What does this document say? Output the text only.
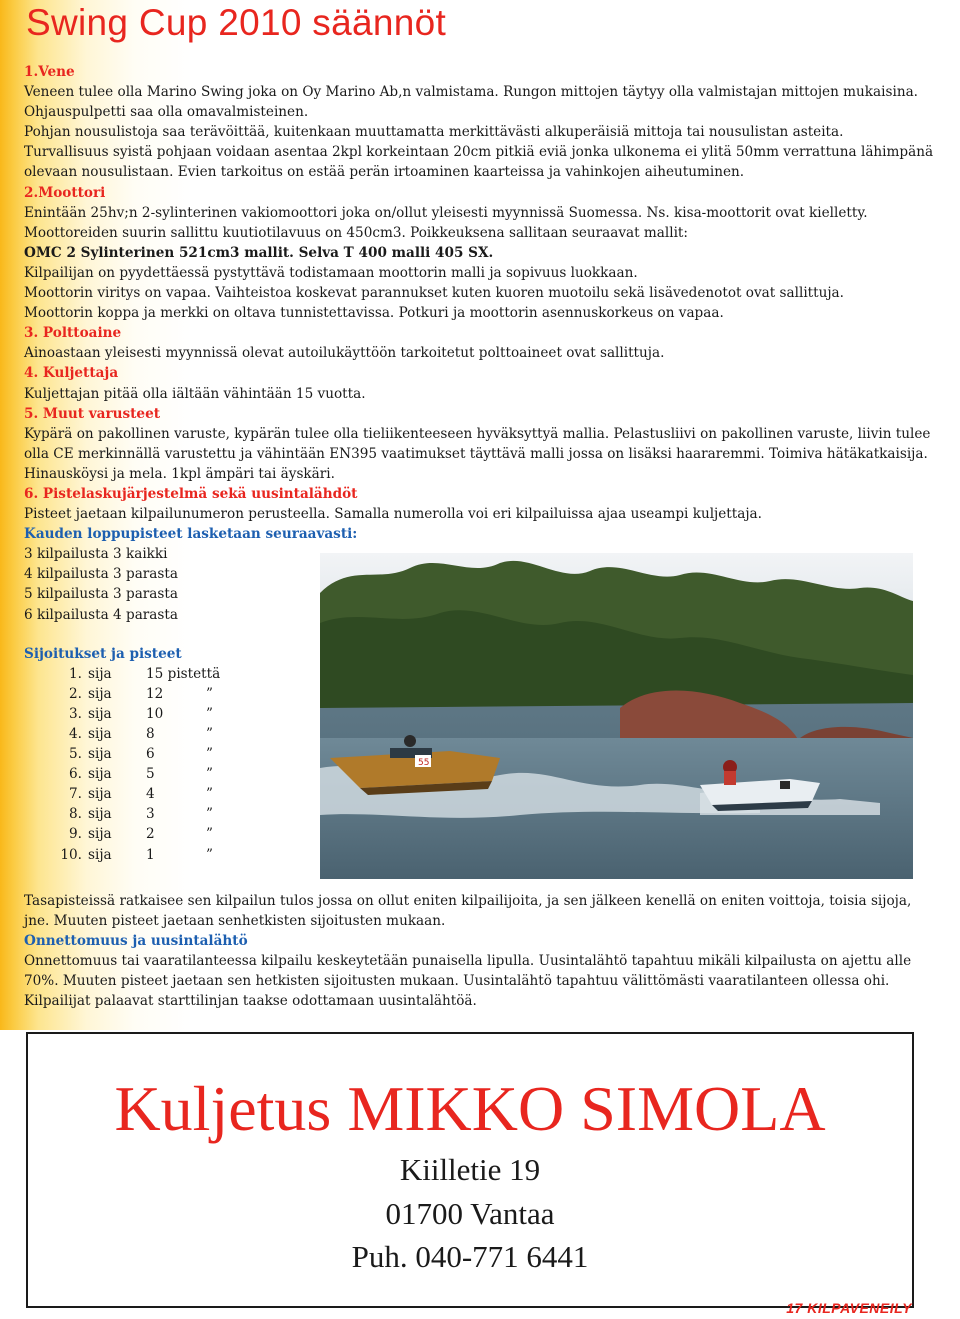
Swing Cup 2010 säännöt

1.Vene

Veneen tulee olla Marino Swing joka on Oy Marino Ab,n valmistama. Rungon mittojen täytyy olla valmistajan mittojen mukaisina. Ohjauspulpetti saa olla omavalmisteinen.

Pohjan nousulistoja saa terävöittää, kuitenkaan muuttamatta merkittävästi alkuperäisiä mittoja tai nousulistan asteita.

Turvallisuus syistä pohjaan voidaan asentaa 2kpl korkeintaan 20cm pitkiä eviä jonka ulkonema ei ylitä 50mm verrattuna lähimpänä olevaan nousulistaan. Evien tarkoitus on estää perän irtoaminen kaarteissa ja vahinkojen aiheutuminen.

2.Moottori

Enintään 25hv;n 2-sylinterinen vakiomoottori joka on/ollut yleisesti myynnissä Suomessa. Ns. kisa-moottorit ovat kielletty. Moottoreiden suurin sallittu kuutiotilavuus on 450cm3. Poikkeuksena sallitaan seuraavat mallit:

OMC 2 Sylinterinen 521cm3 mallit. Selva T 400 malli 405 SX.

Kilpailijan on pyydettäessä pystyttävä todistamaan moottorin malli ja sopivuus luokkaan.

Moottorin viritys on vapaa. Vaihteistoa koskevat parannukset kuten kuoren muotoilu sekä lisävedenotot ovat sallittuja.

Moottorin koppa ja merkki on oltava tunnistettavissa. Potkuri ja moottorin asennuskorkeus on vapaa.

3. Polttoaine

Ainoastaan yleisesti myynnissä olevat autoilukäyttöön tarkoitetut polttoaineet ovat sallittuja.

4. Kuljettaja

Kuljettajan pitää olla iältään vähintään 15 vuotta.

5. Muut varusteet

Kypärä on pakollinen varuste, kypärän tulee olla tieliikenteeseen hyväksyttyä mallia. Pelastusliivi on pakollinen varuste, liivin tulee olla CE merkinnällä varustettu ja vähintään EN395 vaatimukset täyttävä malli jossa on lisäksi haararemmi. Toimiva hätäkatkaisija. Hinausköysi ja mela. 1kpl ämpäri tai äyskäri.

6. Pistelaskujärjestelmä sekä uusintalähdöt

Pisteet jaetaan kilpailunumeron perusteella. Samalla numerolla voi eri kilpailuissa ajaa useampi kuljettaja.

Kauden loppupisteet lasketaan seuraavasti:

3 kilpailusta 3 kaikki

4 kilpailusta 3 parasta

5 kilpailusta 3 parasta

6 kilpailusta 4 parasta

Sijoitukset ja pisteet

1.	sija	15 pistettä	
2.	sija	12	”
3.	sija	10	”
4.	sija	8	”
5.	sija	6	”
6.	sija	5	”
7.	sija	4	”
8.	sija	3	”
9.	sija	2	”
10.	sija	1	”

Tasapisteissä ratkaisee sen kilpailun tulos jossa on ollut eniten kilpailijoita, ja sen jälkeen kenellä on eniten voittoja, toisia sijoja, jne. Muuten pisteet jaetaan senhetkisten sijoitusten mukaan.

Onnettomuus ja uusintalähtö

Onnettomuus tai vaaratilanteessa kilpailu keskeytetään punaisella lipulla. Uusintalähtö tapahtuu mikäli kilpailusta on ajettu alle 70%. Muuten pisteet jaetaan sen hetkisten sijoitusten mukaan. Uusintalähtö tapahtuu välittömästi vaaratilanteen ollessa ohi. Kilpailijat palaavat starttilinjan taakse odottamaan uusintalähtöä.

55
Kuljetus MIKKO SIMOLA
Kiilletie 19
01700 Vantaa
Puh. 040-771 6441
17 KILPAVENEILY
